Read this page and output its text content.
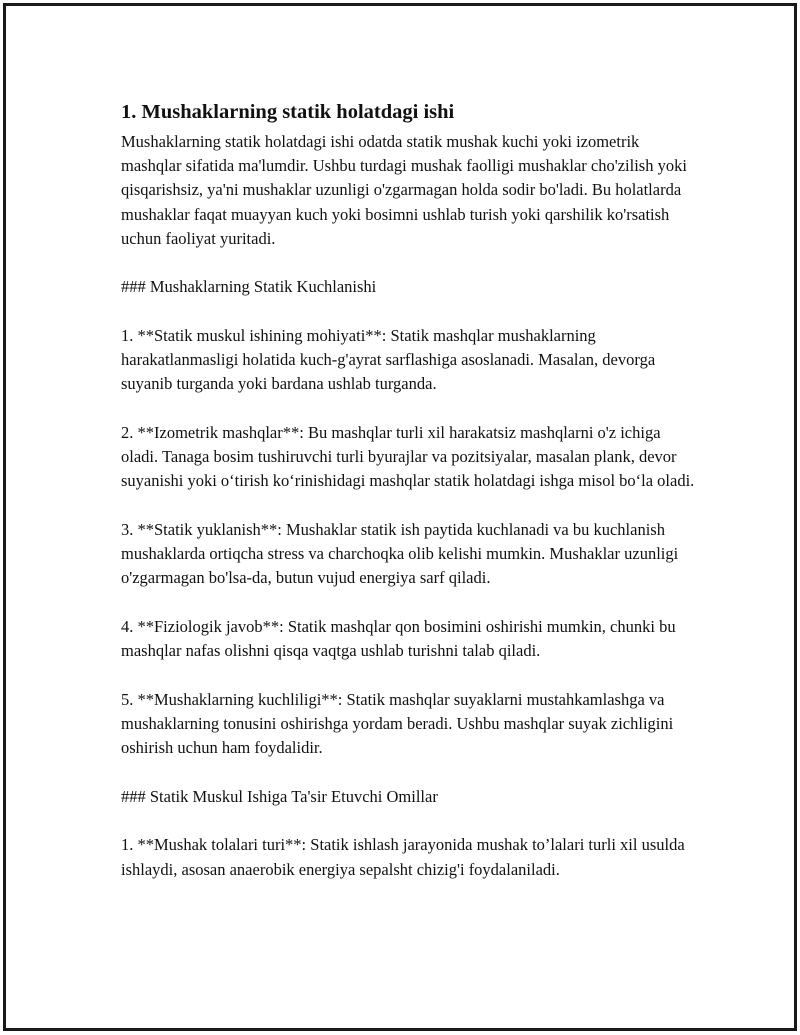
1. Mushaklarning statik holatdagi ishi

Mushaklarning statik holatdagi ishi odatda statik mushak kuchi yoki izometrik mashqlar sifatida ma'lumdir. Ushbu turdagi mushak faolligi mushaklar cho'zilish yoki qisqarishsiz, ya'ni mushaklar uzunligi o'zgarmagan holda sodir bo'ladi. Bu holatlarda mushaklar faqat muayyan kuch yoki bosimni ushlab turish yoki qarshilik ko'rsatish uchun faoliyat yuritadi.

### Mushaklarning Statik Kuchlanishi

1. **Statik muskul ishining mohiyati**: Statik mashqlar mushaklarning harakatlanmasligi holatida kuch-g'ayrat sarflashiga asoslanadi. Masalan, devorga suyanib turganda yoki bardana ushlab turganda.

2. **Izometrik mashqlar**: Bu mashqlar turli xil harakatsiz mashqlarni o'z ichiga oladi. Tanaga bosim tushiruvchi turli byurajlar va pozitsiyalar, masalan plank, devor suyanishi yoki o‘tirish ko‘rinishidagi mashqlar statik holatdagi ishga misol bo‘la oladi.

3. **Statik yuklanish**: Mushaklar statik ish paytida kuchlanadi va bu kuchlanish mushaklarda ortiqcha stress va charchoqka olib kelishi mumkin. Mushaklar uzunligi o'zgarmagan bo'lsa-da, butun vujud energiya sarf qiladi.

4. **Fiziologik javob**: Statik mashqlar qon bosimini oshirishi mumkin, chunki bu mashqlar nafas olishni qisqa vaqtga ushlab turishni talab qiladi.

5. **Mushaklarning kuchliligi**: Statik mashqlar suyaklarni mustahkamlashga va mushaklarning tonusini oshirishga yordam beradi. Ushbu mashqlar suyak zichligini oshirish uchun ham foydalidir.

### Statik Muskul Ishiga Ta'sir Etuvchi Omillar

1. **Mushak tolalari turi**: Statik ishlash jarayonida mushak to’lalari turli xil usulda ishlaydi, asosan anaerobik energiya sepalsht chizig'i foydalaniladi.
